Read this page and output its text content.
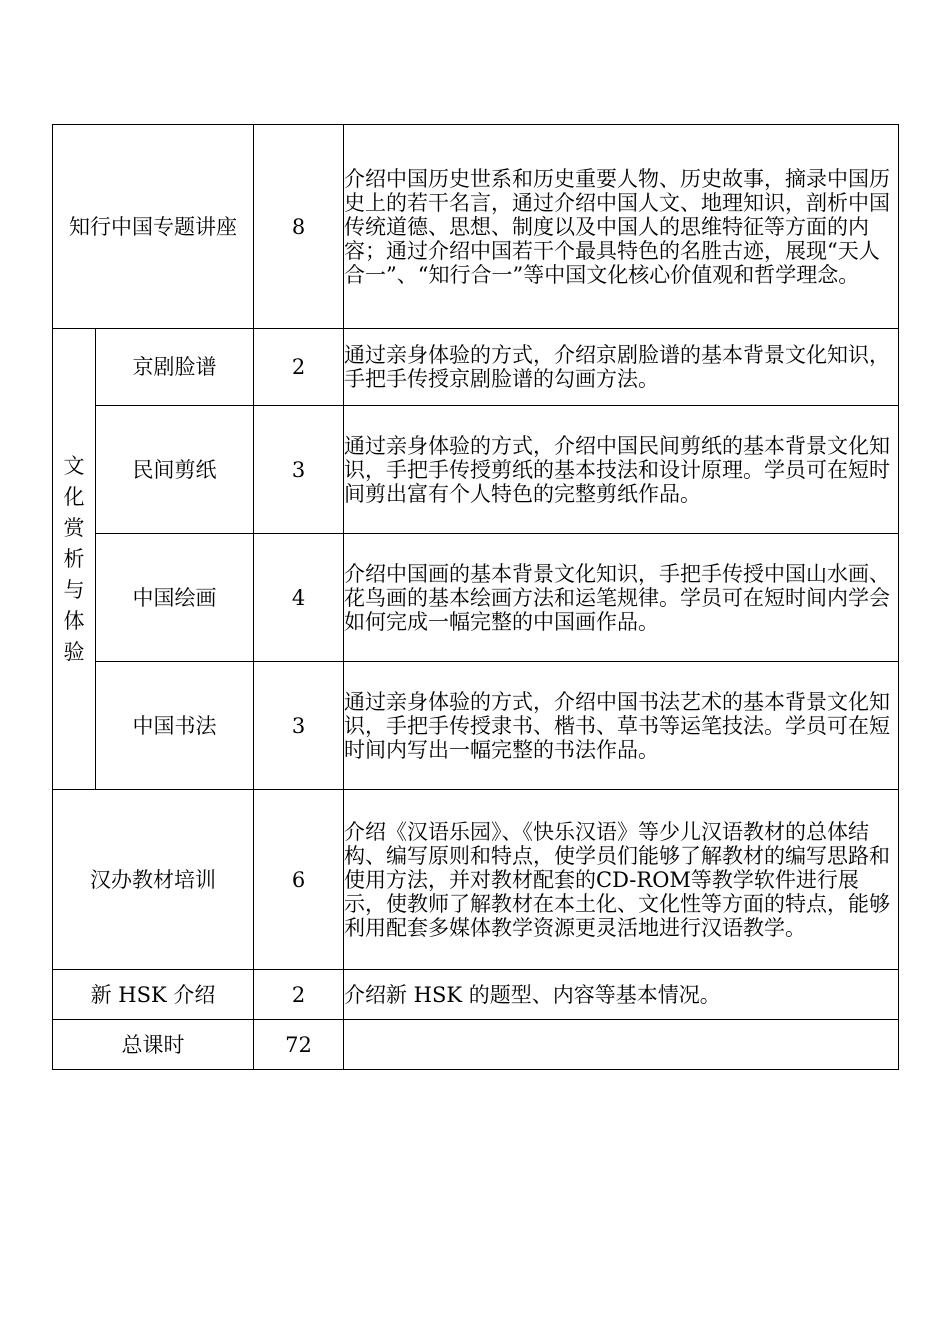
知行中国专题讲座		8	介绍中国历史世系和历史重要人物、历史故事，摘录中国历史上的若干名言，通过介绍中国人文、地理知识，剖析中国传统道德、思想、制度以及中国人的思维特征等方面的内容；通过介绍中国若干个最具特色的名胜古迹，展现“天人合一”、“知行合一”等中国文化核心价值观和哲学理念。
文化赏析与体验	京剧脸谱	2	通过亲身体验的方式，介绍京剧脸谱的基本背景文化知识，手把手传授京剧脸谱的勾画方法。
	民间剪纸	3	通过亲身体验的方式，介绍中国民间剪纸的基本背景文化知识，手把手传授剪纸的基本技法和设计原理。学员可在短时间剪出富有个人特色的完整剪纸作品。
	中国绘画	4	介绍中国画的基本背景文化知识，手把手传授中国山水画、花鸟画的基本绘画方法和运笔规律。学员可在短时间内学会如何完成一幅完整的中国画作品。
	中国书法	3	通过亲身体验的方式，介绍中国书法艺术的基本背景文化知识，手把手传授隶书、楷书、草书等运笔技法。学员可在短时间内写出一幅完整的书法作品。
汉办教材培训		6	介绍《汉语乐园》、《快乐汉语》等少儿汉语教材的总体结构、编写原则和特点，使学员们能够了解教材的编写思路和使用方法，并对教材配套的CD-ROM等教学软件进行展示，使教师了解教材在本土化、文化性等方面的特点，能够利用配套多媒体教学资源更灵活地进行汉语教学。
新 HSK 介绍		2	介绍新 HSK 的题型、内容等基本情况。
总课时		72	
